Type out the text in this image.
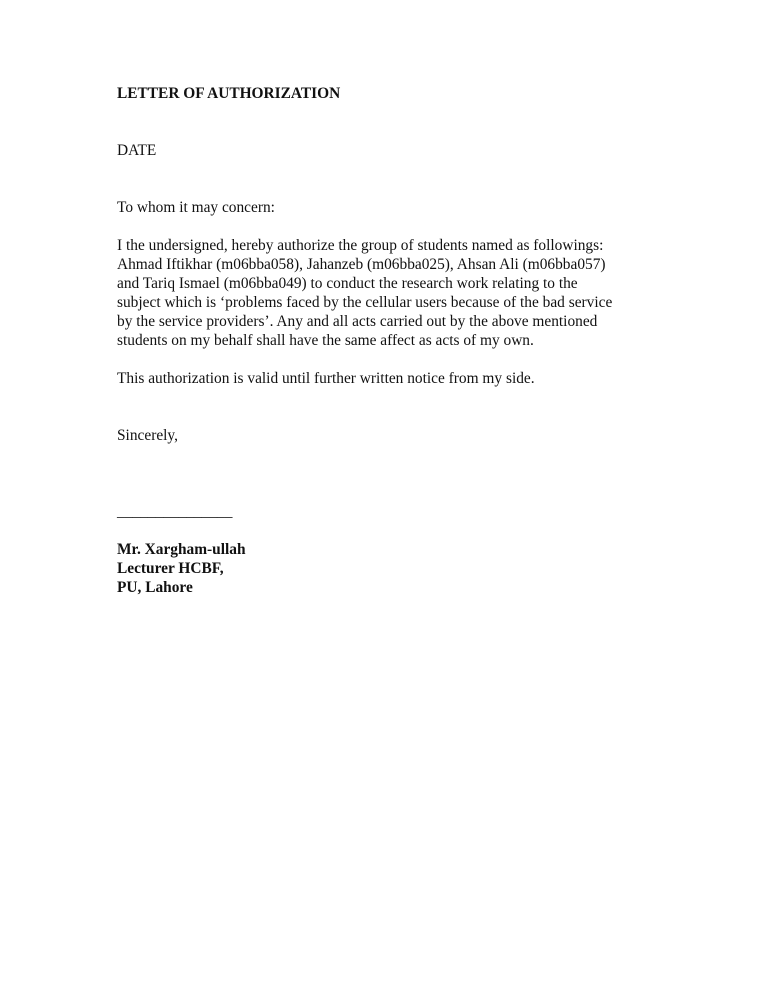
LETTER OF AUTHORIZATION
DATE
To whom it may concern:
I the undersigned, hereby authorize the group of students named as followings:
Ahmad Iftikhar (m06bba058), Jahanzeb (m06bba025), Ahsan Ali (m06bba057)
and Tariq Ismael (m06bba049) to conduct the research work relating to the
subject which is ‘problems faced by the cellular users because of the bad service
by the service providers’. Any and all acts carried out by the above mentioned
students on my behalf shall have the same affect as acts of my own.
This authorization is valid until further written notice from my side.
Sincerely,
_______________
Mr. Xargham-ullah
Lecturer HCBF,
PU, Lahore
